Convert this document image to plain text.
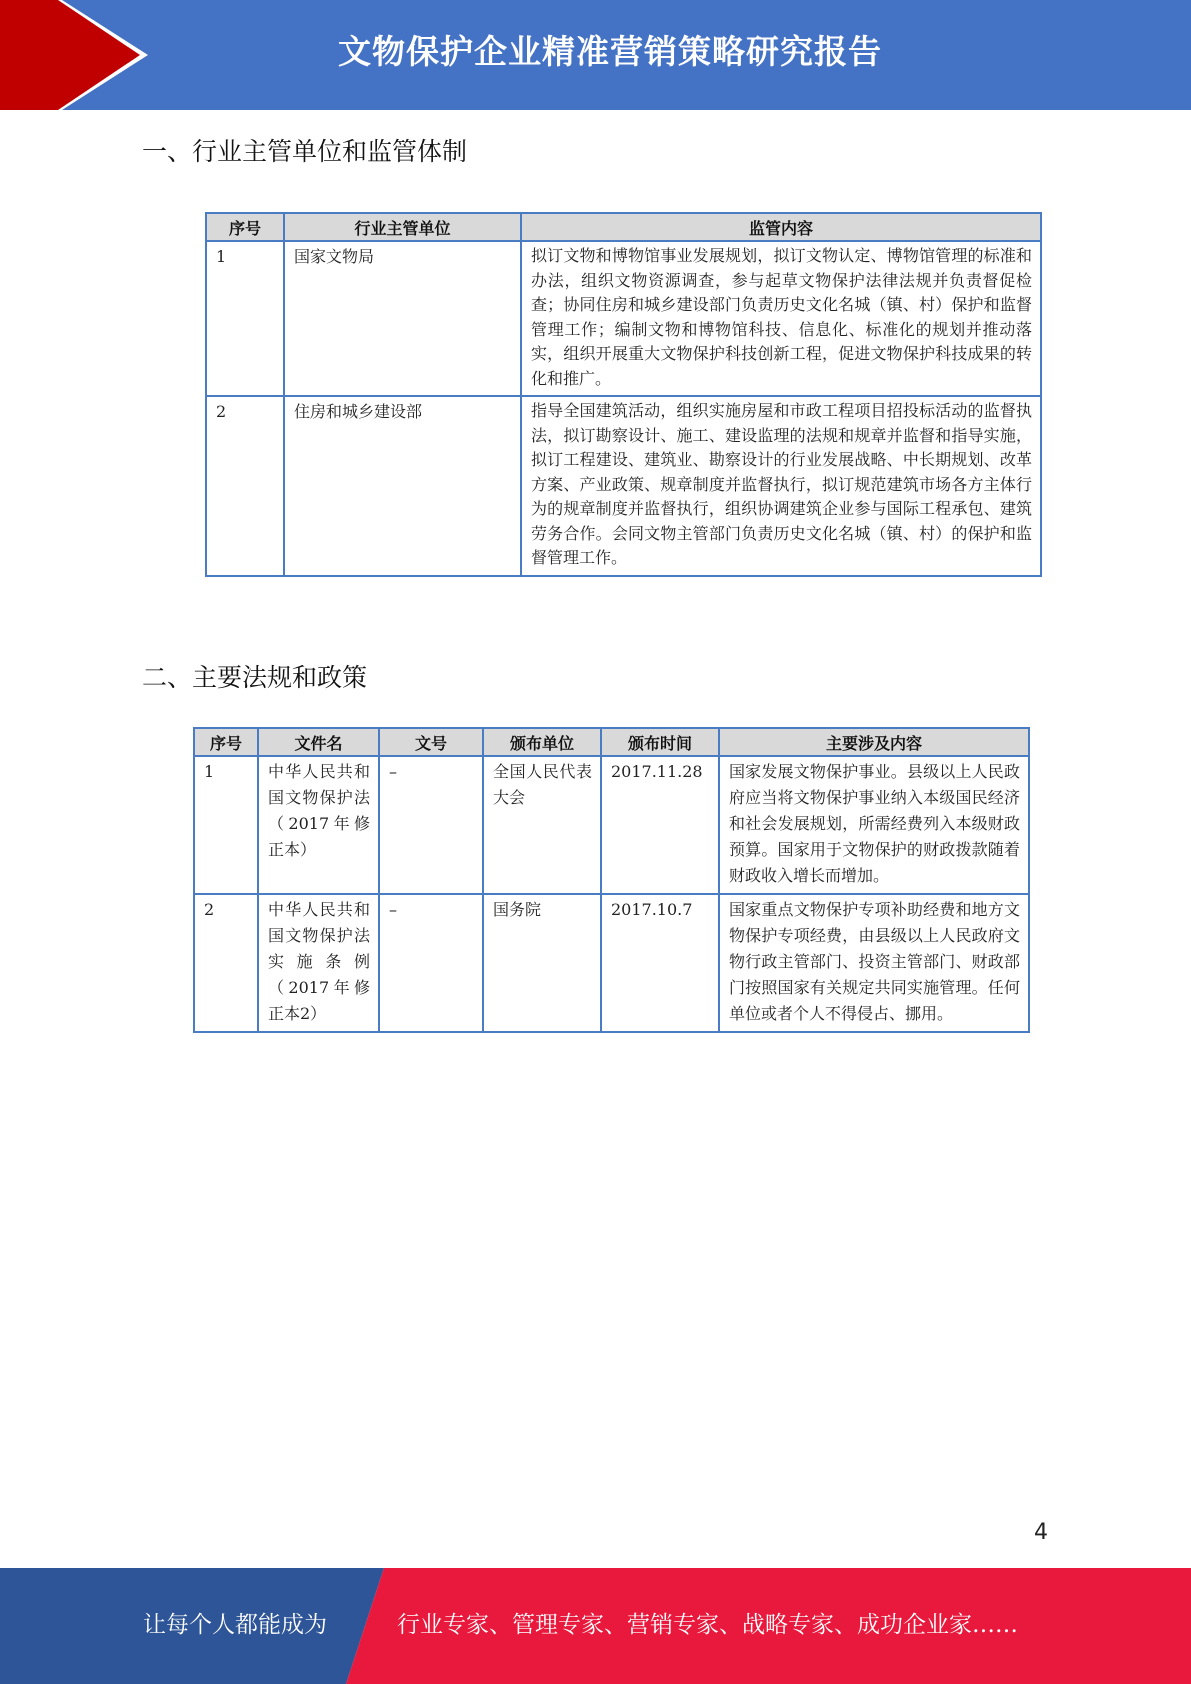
文物保护企业精准营销策略研究报告
一、行业主管单位和监管体制
序号	行业主管单位	监管内容
1	国家文物局	拟订文物和博物馆事业发展规划，拟订文物认定、博物馆管理的标准和办法，组织文物资源调查，参与起草文物保护法律法规并负责督促检查；协同住房和城乡建设部门负责历史文化名城（镇、村）保护和监督管理工作；编制文物和博物馆科技、信息化、标准化的规划并推动落实，组织开展重大文物保护科技创新工程，促进文物保护科技成果的转化和推广。
2	住房和城乡建设部	指导全国建筑活动，组织实施房屋和市政工程项目招投标活动的监督执法，拟订勘察设计、施工、建设监理的法规和规章并监督和指导实施，拟订工程建设、建筑业、勘察设计的行业发展战略、中长期规划、改革方案、产业政策、规章制度并监督执行，拟订规范建筑市场各方主体行为的规章制度并监督执行，组织协调建筑企业参与国际工程承包、建筑劳务合作。会同文物主管部门负责历史文化名城（镇、村）的保护和监督管理工作。
二、主要法规和政策
序号	文件名	文号	颁布单位	颁布时间	主要涉及内容
1	中华人民共和国文物保护法（2017年修正本）	–	全国人民代表大会	2017.11.28	国家发展文物保护事业。县级以上人民政府应当将文物保护事业纳入本级国民经济和社会发展规划，所需经费列入本级财政预算。国家用于文物保护的财政拨款随着财政收入增长而增加。
2	中华人民共和国文物保护法实施条例（2017年修正本2）	–	国务院	2017.10.7	国家重点文物保护专项补助经费和地方文物保护专项经费，由县级以上人民政府文物行政主管部门、投资主管部门、财政部门按照国家有关规定共同实施管理。任何单位或者个人不得侵占、挪用。
4
让每个人都能成为	行业专家、管理专家、营销专家、战略专家、成功企业家……
